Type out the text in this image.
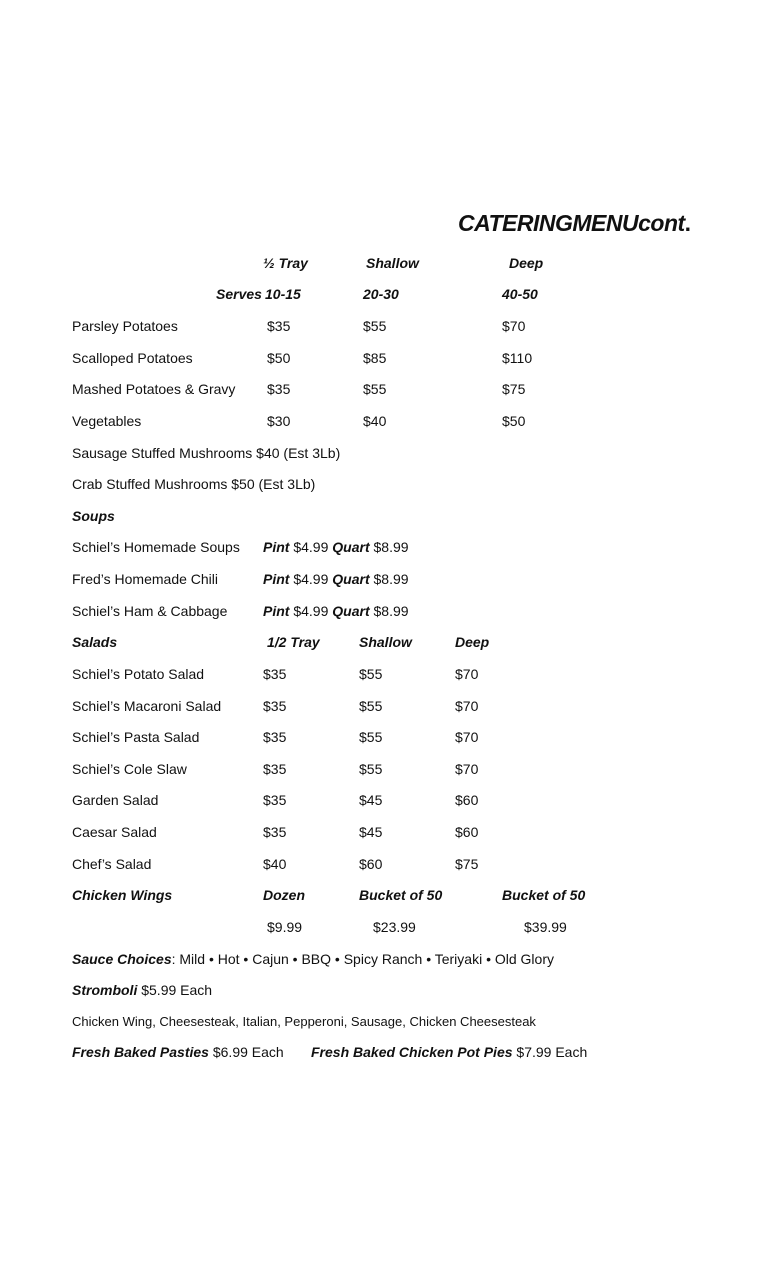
CATERINGMENUcont.
½ Tray	Shallow	Deep
Serves 10-15	20-30	40-50
Parsley Potatoes	$35	$55	$70
Scalloped Potatoes	$50	$85	$110
Mashed Potatoes & Gravy $35	$55	$75
Vegetables	$30	$40	$50
Sausage Stuffed Mushrooms $40 (Est 3Lb)
Crab Stuffed Mushrooms $50 (Est 3Lb)
Soups
Schiel’s Homemade Soups Pint $4.99 Quart $8.99
Fred’s Homemade Chili	Pint $4.99 Quart $8.99
Schiel’s Ham & Cabbage	Pint $4.99 Quart $8.99
Salads	1/2 Tray	Shallow	Deep
Schiel’s Potato Salad	$35	$55	$70
Schiel’s Macaroni Salad	$35	$55	$70
Schiel’s Pasta Salad	$35	$55	$70
Schiel’s Cole Slaw	$35	$55	$70
Garden Salad	$35	$45	$60
Caesar Salad	$35	$45	$60
Chef’s Salad	$40	$60	$75
Chicken Wings	Dozen	Bucket of 50	Bucket of 50
$9.99	$23.99	$39.99
Sauce Choices: Mild • Hot • Cajun • BBQ • Spicy Ranch • Teriyaki • Old Glory
Stromboli $5.99 Each
Chicken Wing, Cheesesteak, Italian, Pepperoni, Sausage, Chicken Cheesesteak
Fresh Baked Pasties $6.99 Each Fresh Baked Chicken Pot Pies $7.99 Each
